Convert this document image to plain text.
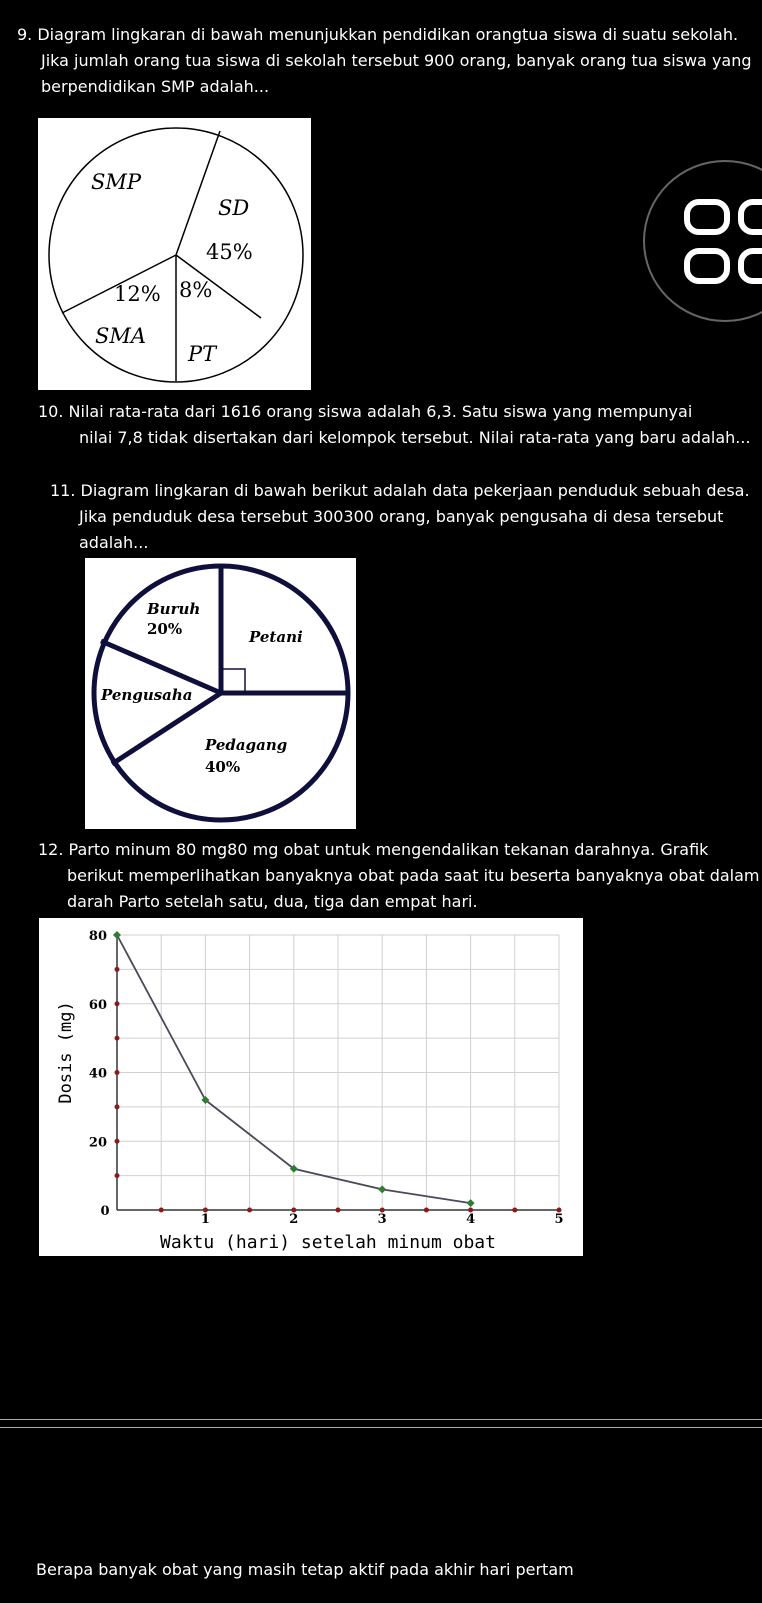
9. Diagram lingkaran di bawah menunjukkan pendidikan orangtua siswa di suatu sekolah.
Jika jumlah orang tua siswa di sekolah tersebut 900 orang, banyak orang tua siswa yang
berpendidikan SMP adalah...
SMP
SD
45%
12%
SMA
8%
PT
10. Nilai rata-rata dari 1616 orang siswa adalah 6,3. Satu siswa yang mempunyai
nilai 7,8 tidak disertakan dari kelompok tersebut. Nilai rata-rata yang baru adalah...
11. Diagram lingkaran di bawah berikut adalah data pekerjaan penduduk sebuah desa.
Jika penduduk desa tersebut 300300 orang, banyak pengusaha di desa tersebut
adalah...
Buruh
20%	Petani
Pengusaha
Pedagang
40%
12. Parto minum 80 mg80 mg obat untuk mengendalikan tekanan darahnya. Grafik
berikut memperlihatkan banyaknya obat pada saat itu beserta banyaknya obat dalam
darah Parto setelah satu, dua, tiga dan empat hari.
0
1	2	3	4	5
20
40
60
80
Waktu (hari) setelah minum obat
Dosis (mg)
Berapa banyak obat yang masih tetap aktif pada akhir hari pertam
